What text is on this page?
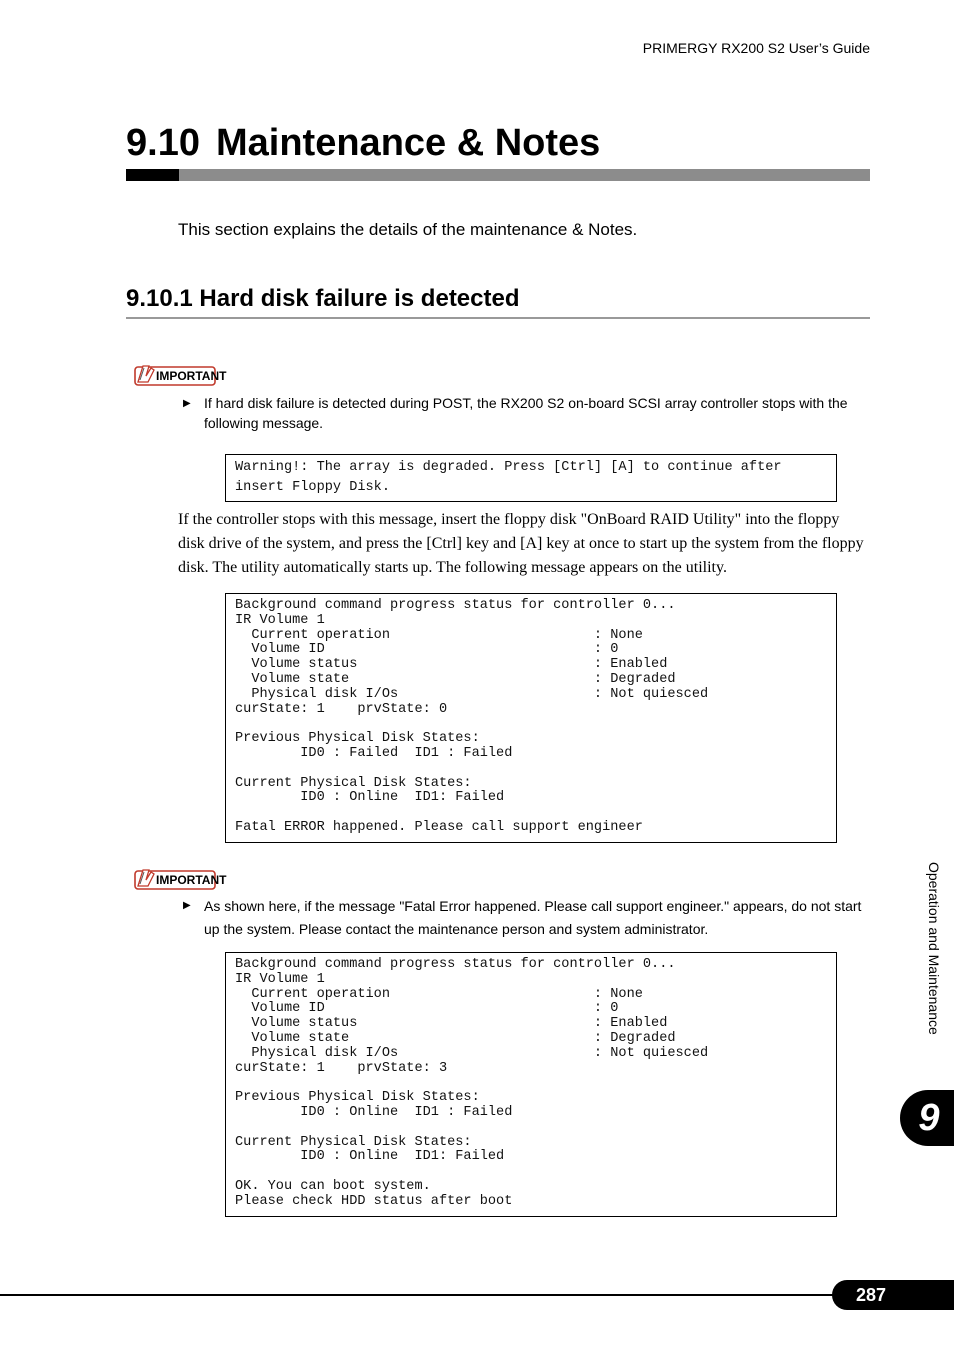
PRIMERGY RX200 S2 User’s Guide
9.10 Maintenance & Notes
This section explains the details of the maintenance & Notes.
9.10.1 Hard disk failure is detected
IMPORTANT
▶ If hard disk failure is detected during POST, the RX200 S2 on-board SCSI array controller stops with the following message.
Warning!: The array is degraded. Press [Ctrl] [A] to continue after
insert Floppy Disk.
If the controller stops with this message, insert the floppy disk "OnBoard RAID Utility" into the floppy disk drive of the system, and press the [Ctrl] key and [A] key at once to start up the system from the floppy disk. The utility automatically starts up. The following message appears on the utility.
Background command progress status for controller 0...
IR Volume 1
Current operation                         : None
Volume ID                                 : 0
Volume status                             : Enabled
Volume state                              : Degraded
Physical disk I/Os                        : Not quiesced
curState: 1    prvState: 0

Previous Physical Disk States:
ID0 : Failed  ID1 : Failed

Current Physical Disk States:
ID0 : Online  ID1: Failed

Fatal ERROR happened. Please call support engineer
IMPORTANT
▶ As shown here, if the message "Fatal Error happened. Please call support engineer." appears, do not start up the system. Please contact the maintenance person and system administrator.
Background command progress status for controller 0...
IR Volume 1
Current operation                         : None
Volume ID                                 : 0
Volume status                             : Enabled
Volume state                              : Degraded
Physical disk I/Os                        : Not quiesced
curState: 1    prvState: 3

Previous Physical Disk States:
ID0 : Online  ID1 : Failed

Current Physical Disk States:
ID0 : Online  ID1: Failed

OK. You can boot system.
Please check HDD status after boot
Operation and Maintenance
9
287
